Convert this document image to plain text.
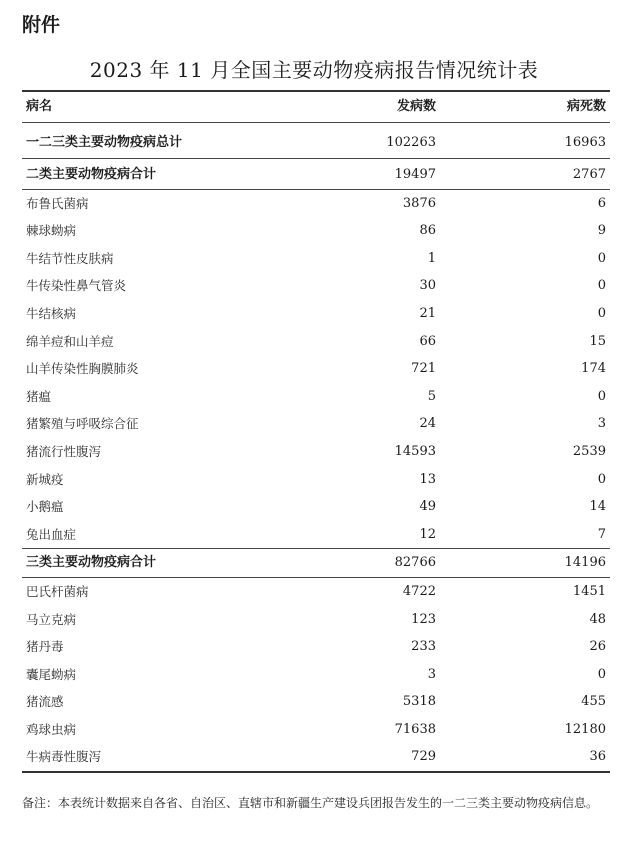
附件
2023 年 11 月全国主要动物疫病报告情况统计表
病名	发病数	病死数
一二三类主要动物疫病总计	102263	16963
二类主要动物疫病合计	19497	2767
布鲁氏菌病	3876	6
棘球蚴病	86	9
牛结节性皮肤病	1	0
牛传染性鼻气管炎	30	0
牛结核病	21	0
绵羊痘和山羊痘	66	15
山羊传染性胸膜肺炎	721	174
猪瘟	5	0
猪繁殖与呼吸综合征	24	3
猪流行性腹泻	14593	2539
新城疫	13	0
小鹅瘟	49	14
兔出血症	12	7
三类主要动物疫病合计	82766	14196
巴氏杆菌病	4722	1451
马立克病	123	48
猪丹毒	233	26
囊尾蚴病	3	0
猪流感	5318	455
鸡球虫病	71638	12180
牛病毒性腹泻	729	36
备注：本表统计数据来自各省、自治区、直辖市和新疆生产建设兵团报告发生的一二三类主要动物疫病信息。
